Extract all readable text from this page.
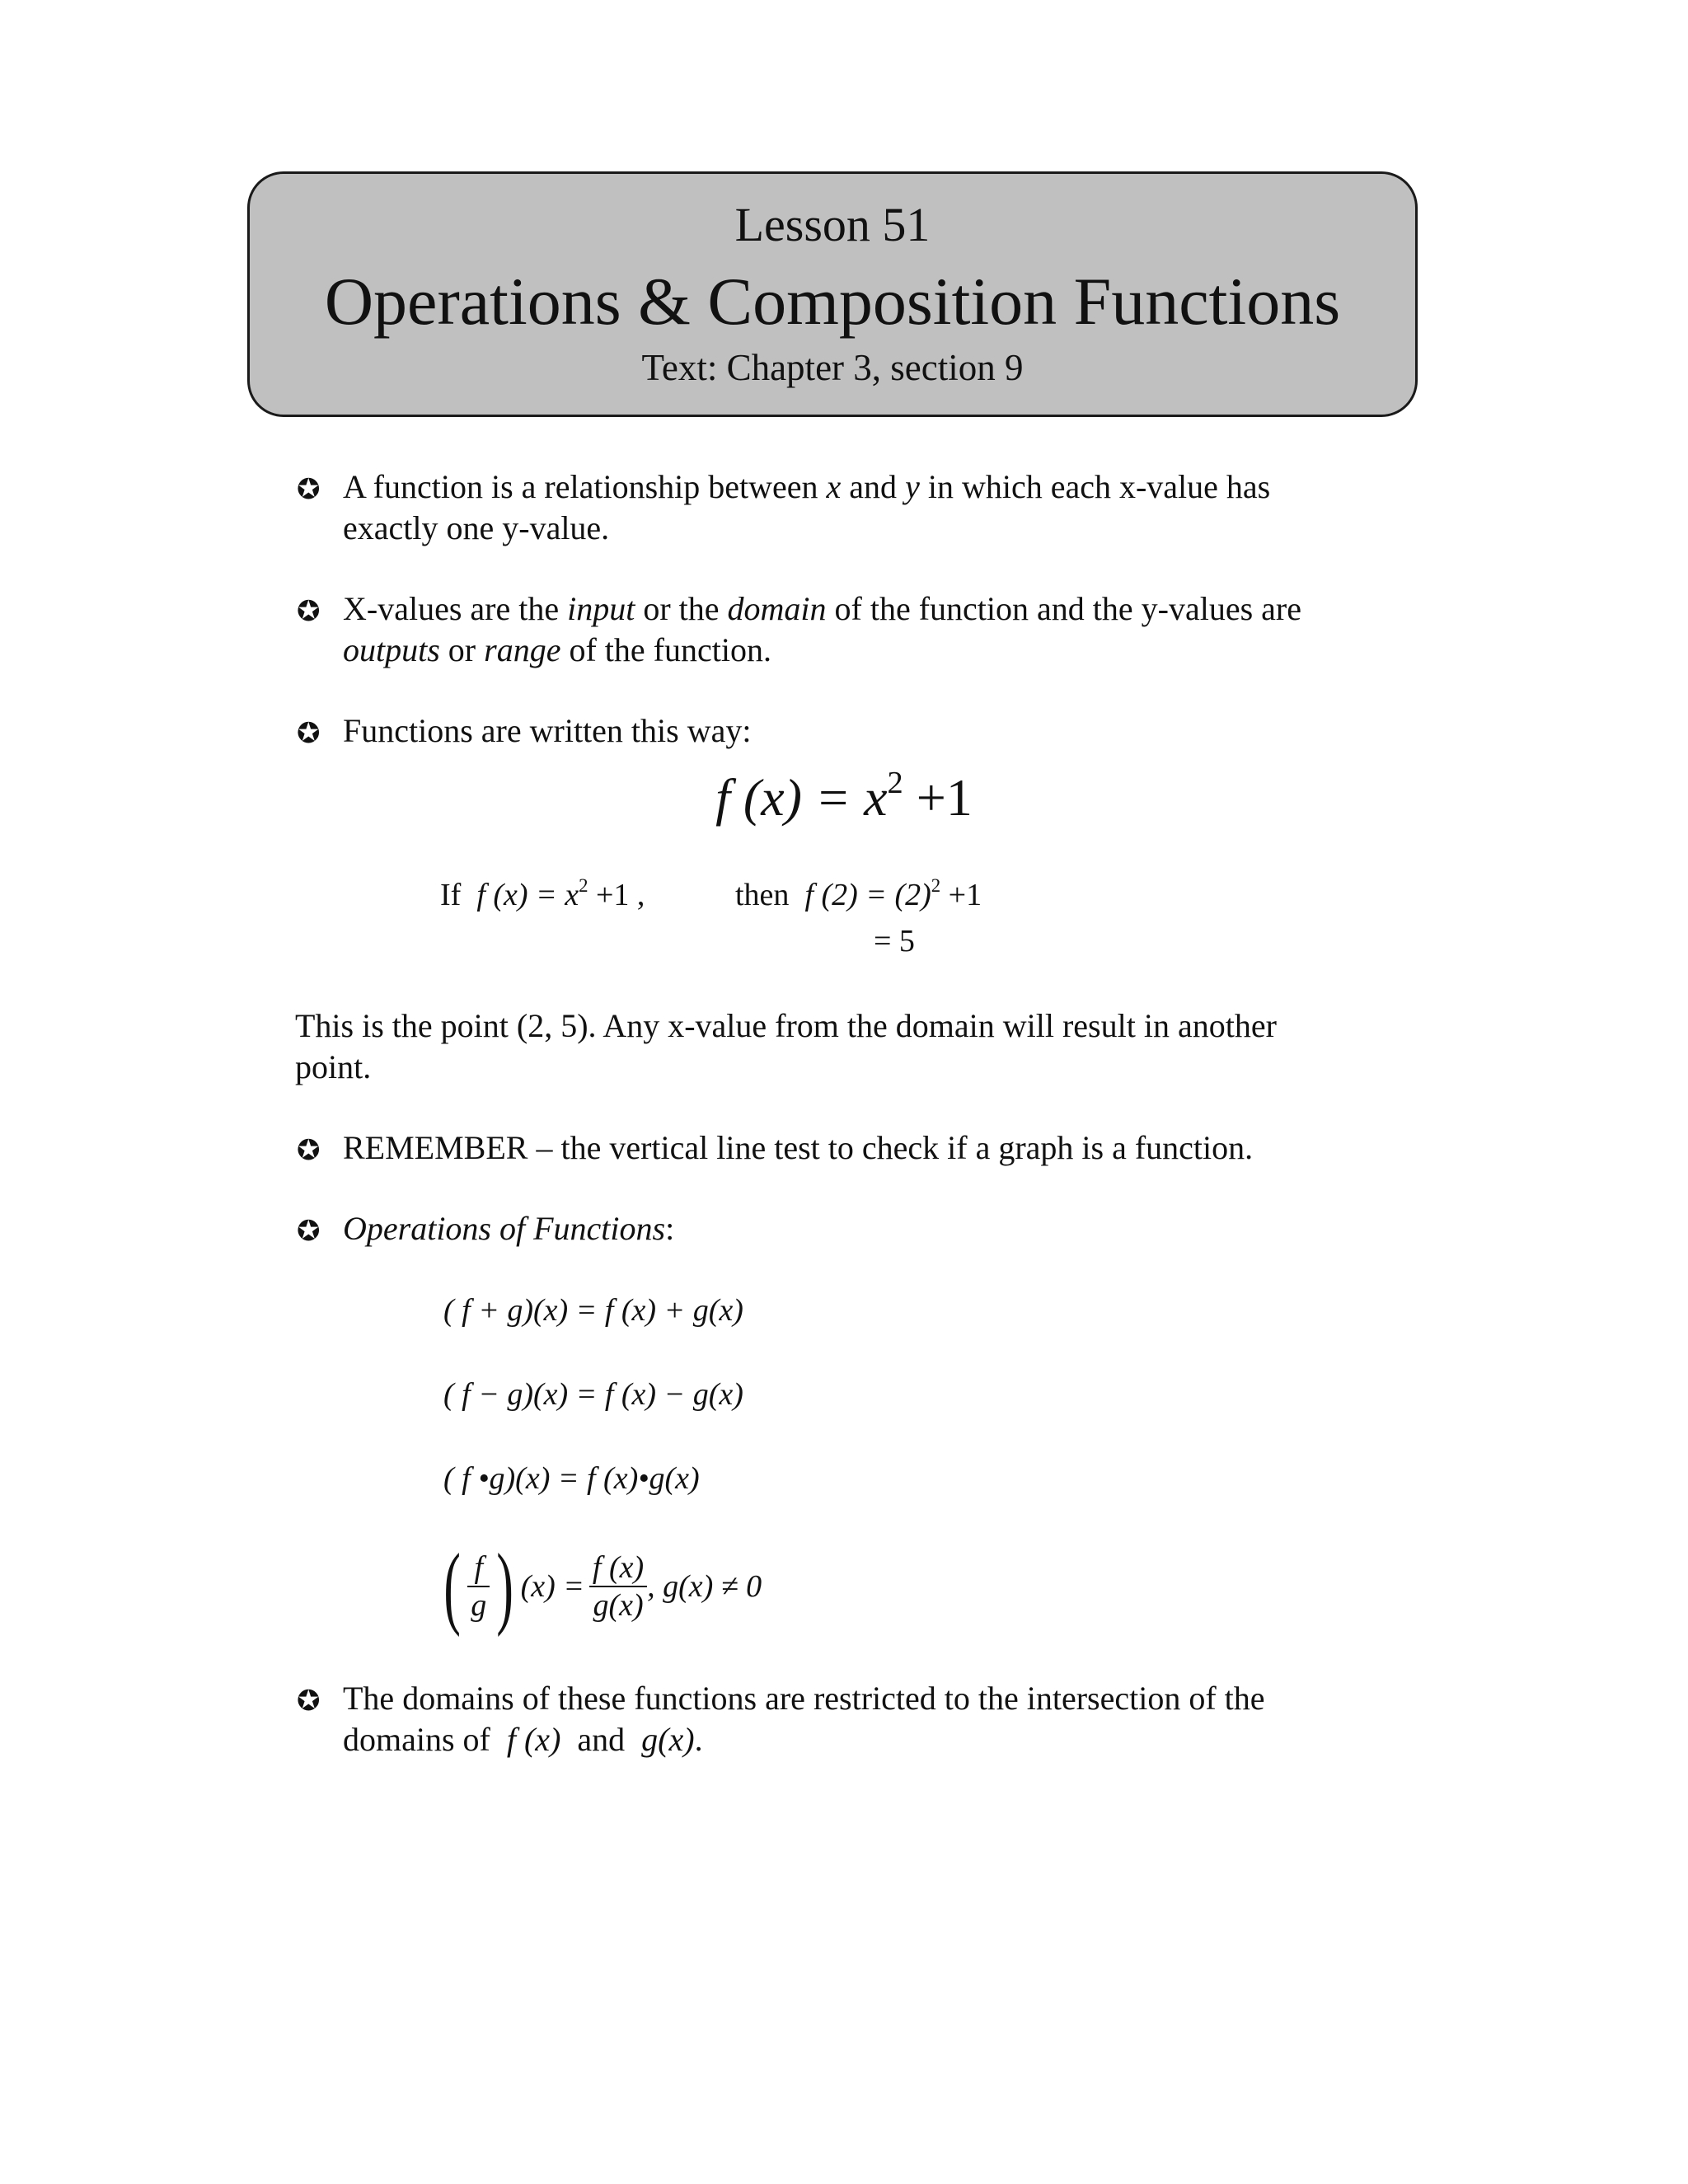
Lesson 51
Operations & Composition Functions
Text: Chapter 3, section 9
✪ A function is a relationship between x and y in which each x-value has
exactly one y-value.
✪ X-values are the input or the domain of the function and the y-values are
outputs or range of the function.
✪ Functions are written this way:
f $(x) = x^2 +1$
If f $(x) = x^2 +1$ ,	then f $(2) = (2)^2 +1$
= 5
This is the point (2, 5). Any x-value from the domain will result in another
point.
✪ REMEMBER – the vertical line test to check if a graph is a function.
✪ Operations of Functions:
( f + g)(x) = f (x) + g(x)
( f − g)(x) = f (x) − g(x)
( f •g)(x) = f (x)•g(x)
( $\frac{f}{g}$ ) $(x) = \frac{f (x)}{g(x)}$ , g(x) ≠ 0
✪ The domains of these functions are restricted to the intersection of the
domains of f (x) and g(x).
